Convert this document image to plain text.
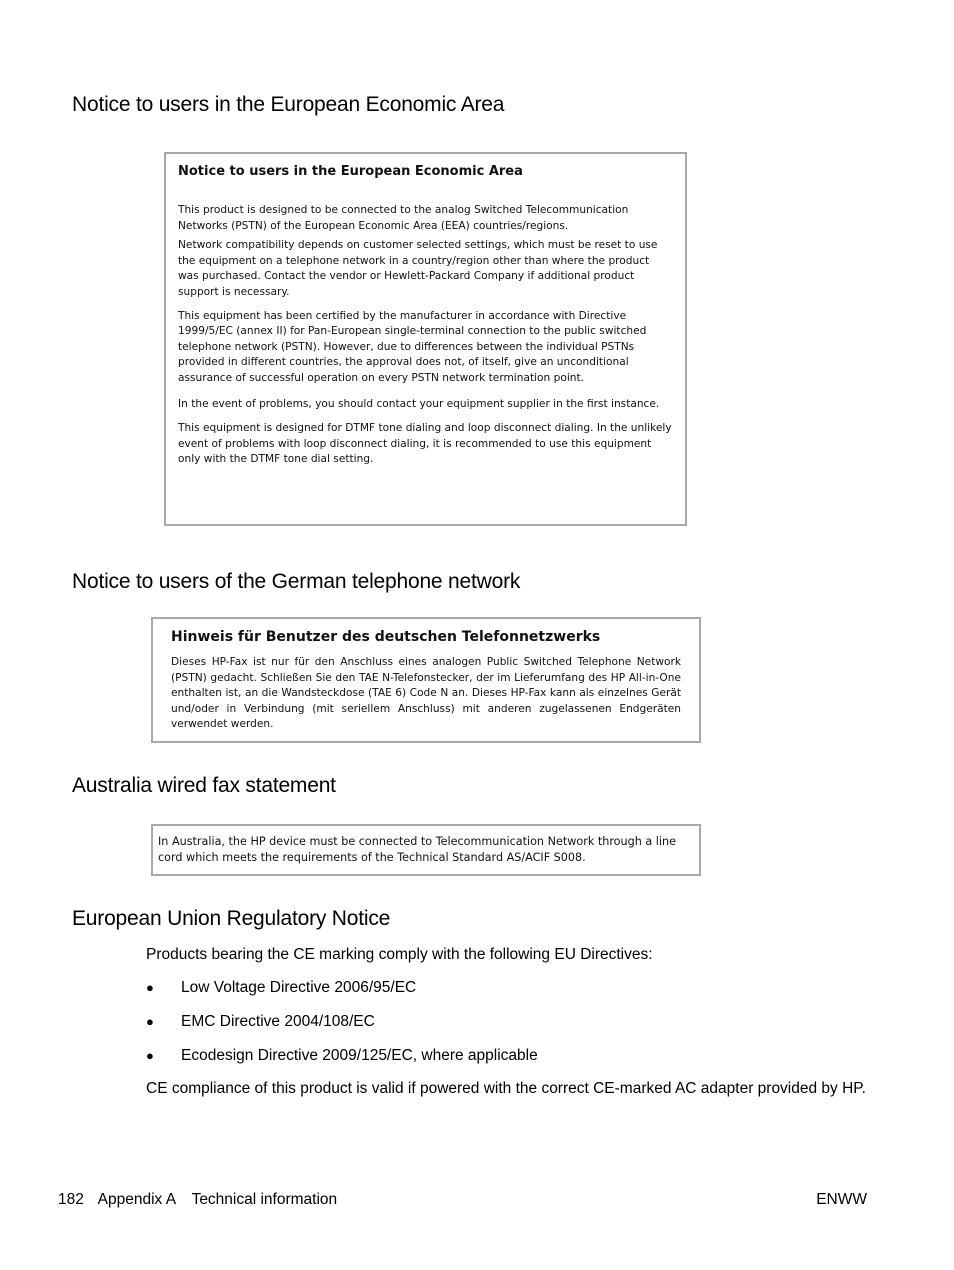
Notice to users in the European Economic Area

Notice to users in the European Economic Area

This product is designed to be connected to the analog Switched Telecommunication Networks (PSTN) of the European Economic Area (EEA) countries/regions.

Network compatibility depends on customer selected settings, which must be reset to use the equipment on a telephone network in a country/region other than where the product was purchased. Contact the vendor or Hewlett-Packard Company if additional product support is necessary.

This equipment has been certified by the manufacturer in accordance with Directive 1999/5/EC (annex II) for Pan-European single-terminal connection to the public switched telephone network (PSTN). However, due to differences between the individual PSTNs provided in different countries, the approval does not, of itself, give an unconditional assurance of successful operation on every PSTN network termination point.

In the event of problems, you should contact your equipment supplier in the first instance.

This equipment is designed for DTMF tone dialing and loop disconnect dialing. In the unlikely event of problems with loop disconnect dialing, it is recommended to use this equipment only with the DTMF tone dial setting.

Notice to users of the German telephone network

Hinweis für Benutzer des deutschen Telefonnetzwerks

Dieses HP-Fax ist nur für den Anschluss eines analogen Public Switched Telephone Network (PSTN) gedacht. Schließen Sie den TAE N-Telefonstecker, der im Lieferumfang des HP All-in-One enthalten ist, an die Wandsteckdose (TAE 6) Code N an. Dieses HP-Fax kann als einzelnes Gerät und/oder in Verbindung (mit seriellem Anschluss) mit anderen zugelassenen Endgeräten verwendet werden.

Australia wired fax statement

In Australia, the HP device must be connected to Telecommunication Network through a line cord which meets the requirements of the Technical Standard AS/ACIF S008.

European Union Regulatory Notice

Products bearing the CE marking comply with the following EU Directives:

● Low Voltage Directive 2006/95/EC
● EMC Directive 2004/108/EC
● Ecodesign Directive 2009/125/EC, where applicable

CE compliance of this product is valid if powered with the correct CE-marked AC adapter provided by HP.

182 Appendix A Technical information	ENWW
